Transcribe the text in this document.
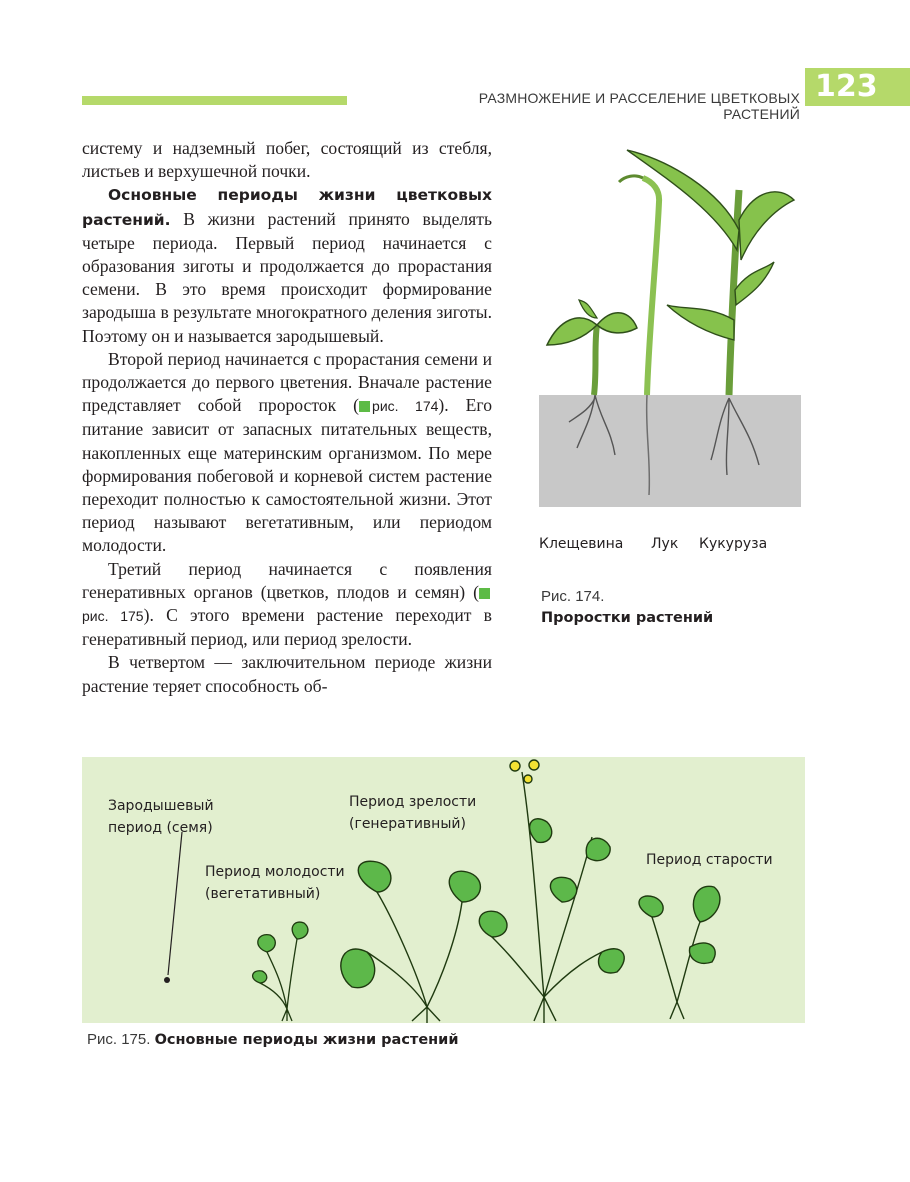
РАЗМНОЖЕНИЕ И РАССЕЛЕНИЕ ЦВЕТКОВЫХ РАСТЕНИЙ
123

систему и надземный побег, состоящий из стебля, листьев и верхушечной почки.

Основные периоды жизни цветковых растений. В жизни растений принято выделять четыре периода. Первый период начинается с образования зиготы и продолжается до прорастания семени. В это время происходит формирование зародыша в результате многократного деления зиготы. Поэтому он и называется зародышевый.

Второй период начинается с прорастания семени и продолжается до первого цветения. Вначале растение представляет собой проросток ( рис. 174). Его питание зависит от запасных питательных веществ, накопленных еще материнским организмом. По мере формирования побеговой и корневой систем растение переходит полностью к самостоятельной жизни. Этот период называют вегетативным, или периодом молодости.

Третий период начинается с появления генеративных органов (цветков, плодов и семян) (рис. 175). С этого времени растение переходит в генеративный период, или период зрелости.

В четвертом — заключительном периоде жизни растение теряет способность об-

Клещевина Лук Кукуруза
Рис. 174.
Проростки растений
Зародышевый период (семя)
Период молодости (вегетативный)
Период зрелости (генеративный)
Период старости
Рис. 175. Основные периоды жизни растений
